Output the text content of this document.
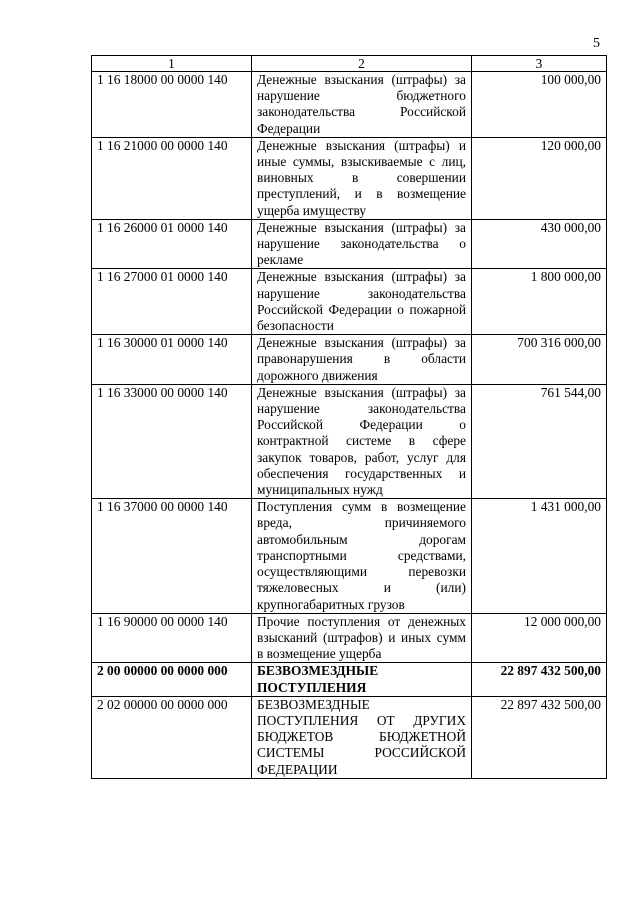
5
1	2	3
1 16 18000 00 0000 140	Денежные взыскания (штрафы) за нарушение бюджетного законодательства Российской Федерации	100 000,00
1 16 21000 00 0000 140	Денежные взыскания (штрафы) и иные суммы, взыскиваемые с лиц, виновных в совершении преступлений, и в возмещение ущерба имуществу	120 000,00
1 16 26000 01 0000 140	Денежные взыскания (штрафы) за нарушение законодательства о рекламе	430 000,00
1 16 27000 01 0000 140	Денежные взыскания (штрафы) за нарушение законодательства Российской Федерации о пожарной безопасности	1 800 000,00
1 16 30000 01 0000 140	Денежные взыскания (штрафы) за правонарушения в области дорожного движения	700 316 000,00
1 16 33000 00 0000 140	Денежные взыскания (штрафы) за нарушение законодательства Российской Федерации о контрактной системе в сфере закупок товаров, работ, услуг для обеспечения государственных и муниципальных нужд	761 544,00
1 16 37000 00 0000 140	Поступления сумм в возмещение вреда, причиняемого автомобильным дорогам транспортными средствами, осуществляющими перевозки тяжеловесных и (или) крупногабаритных грузов	1 431 000,00
1 16 90000 00 0000 140	Прочие поступления от денежных взысканий (штрафов) и иных сумм в возмещение ущерба	12 000 000,00
2 00 00000 00 0000 000	БЕЗВОЗМЕЗДНЫЕ ПОСТУПЛЕНИЯ	22 897 432 500,00
2 02 00000 00 0000 000	БЕЗВОЗМЕЗДНЫЕ ПОСТУПЛЕНИЯ ОТ ДРУГИХ БЮДЖЕТОВ БЮДЖЕТНОЙ СИСТЕМЫ РОССИЙСКОЙ ФЕДЕРАЦИИ	22 897 432 500,00
